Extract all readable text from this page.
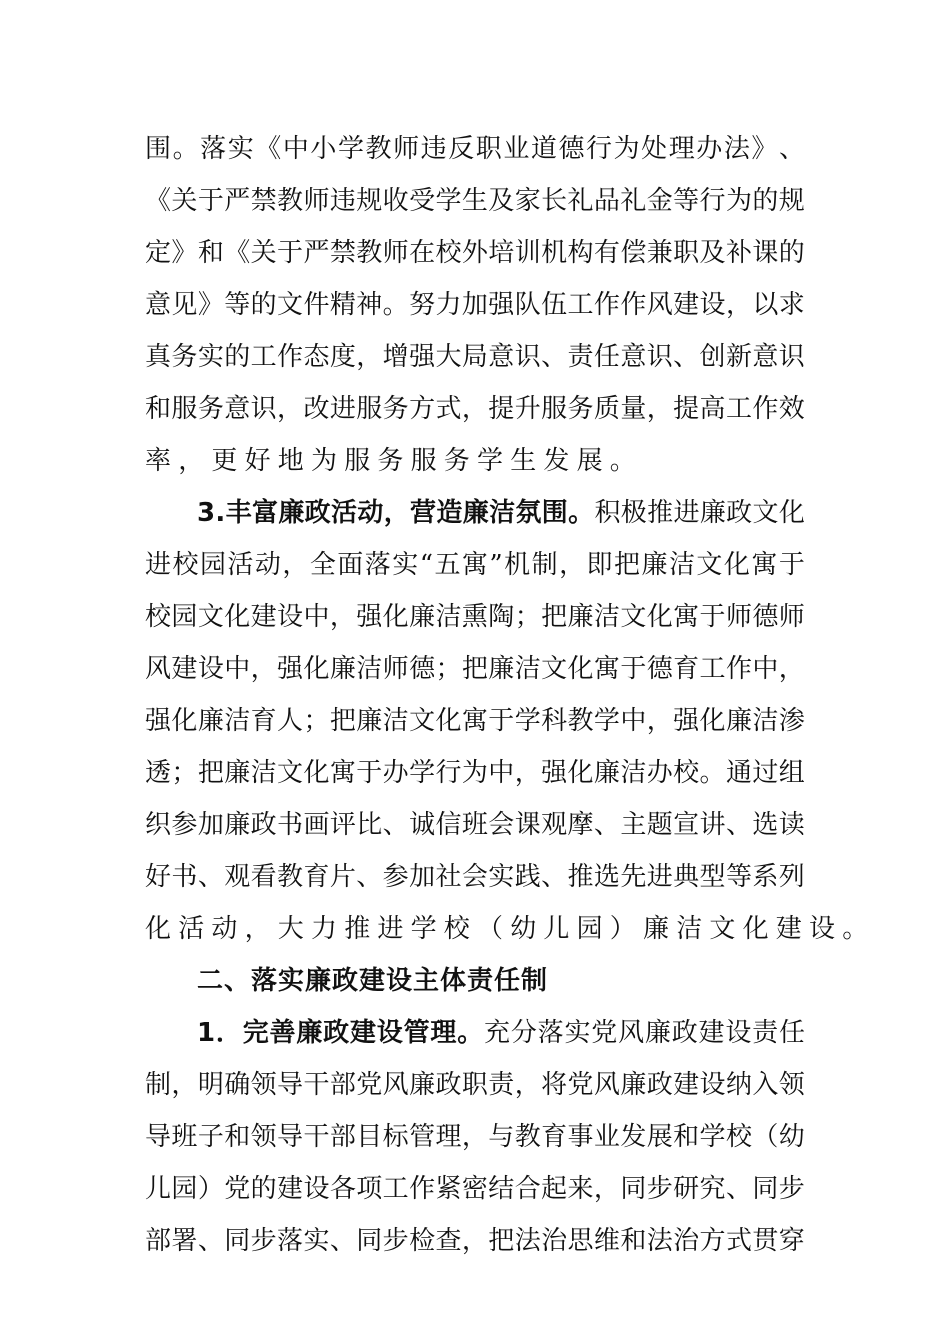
围 。 落 实 《 中 小 学 教 师 违 反 职 业 道 德 行 为 处 理 办 法 》 、
《 关 于 严 禁 教 师 违 规 收 受 学 生 及 家 长 礼 品 礼 金 等 行 为 的 规
定 》 和 《 关 于 严 禁 教 师 在 校 外 培 训 机 构 有 偿 兼 职 及 补 课 的
意 见 》 等 的 文 件 精 神 。 努 力 加 强 队 伍 工 作 作 风 建 设 ， 以 求
真 务 实 的 工 作 态 度 ， 增 强 大 局 意 识 、 责 任 意 识 、 创 新 意 识
和 服 务 意 识 ， 改 进 服 务 方 式 ， 提 升 服 务 质 量 ， 提 高 工 作 效
率，更好地为服务服务学生发展。
3 . 丰 富 廉 政 活 动 ， 营 造 廉 洁 氛 围 。 积 极 推 进 廉 政 文 化
进 校 园 活 动 ， 全 面 落 实 “ 五 寓 ” 机 制 ， 即 把 廉 洁 文 化 寓 于
校 园 文 化 建 设 中 ， 强 化 廉 洁 熏 陶 ； 把 廉 洁 文 化 寓 于 师 德 师
风 建 设 中 ， 强 化 廉 洁 师 德 ； 把 廉 洁 文 化 寓 于 德 育 工 作 中 ，
强 化 廉 洁 育 人 ； 把 廉 洁 文 化 寓 于 学 科 教 学 中 ， 强 化 廉 洁 渗
透 ； 把 廉 洁 文 化 寓 于 办 学 行 为 中 ， 强 化 廉 洁 办 校 。 通 过 组
织 参 加 廉 政 书 画 评 比 、 诚 信 班 会 课 观 摩 、 主 题 宣 讲 、 选 读
好 书 、 观 看 教 育 片 、 参 加 社 会 实 践 、 推 选 先 进 典 型 等 系 列
化活动，大力推进学校（幼儿园）廉洁文化建设。
二、落实廉政建设主体责任制
1 ． 完 善 廉 政 建 设 管 理 。 充 分 落 实 党 风 廉 政 建 设 责 任
制 ， 明 确 领 导 干 部 党 风 廉 政 职 责 ， 将 党 风 廉 政 建 设 纳 入 领
导 班 子 和 领 导 干 部 目 标 管 理 ， 与 教 育 事 业 发 展 和 学 校 （ 幼
儿 园 ） 党 的 建 设 各 项 工 作 紧 密 结 合 起 来 ， 同 步 研 究 、 同 步
部 署 、 同 步 落 实 、 同 步 检 查 ， 把 法 治 思 维 和 法 治 方 式 贯 穿
